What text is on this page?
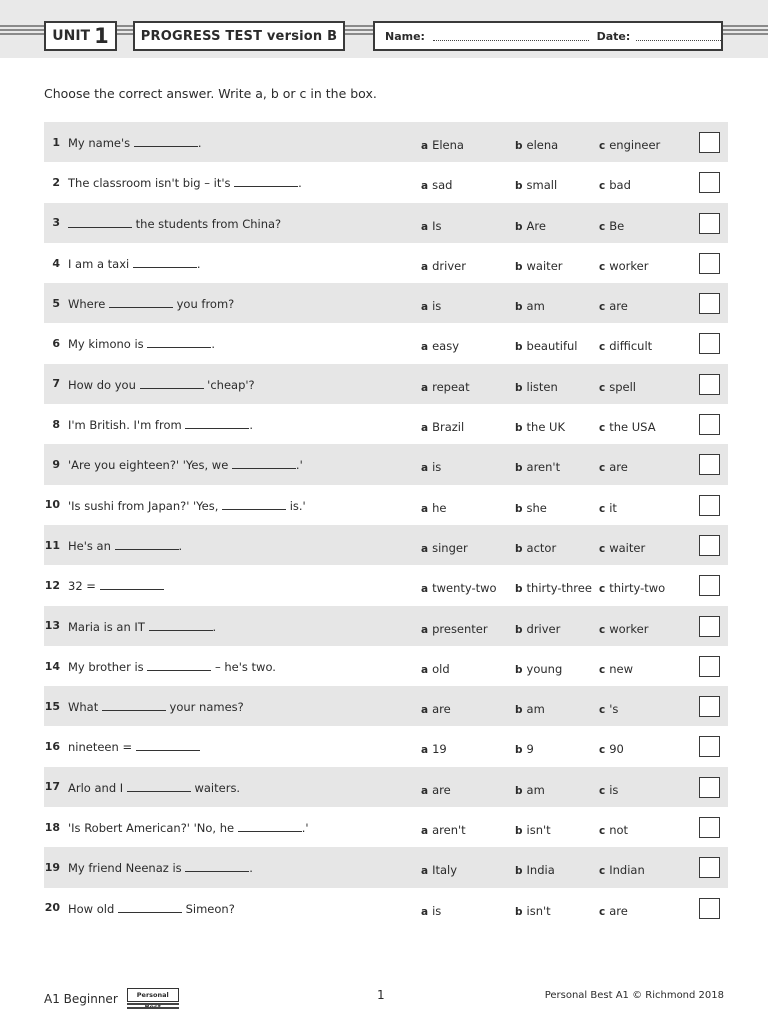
UNIT 1 PROGRESS TEST version B	Name:	Date:
Choose the correct answer. Write a, b or c in the box.
1 My name's	.	a Elena	b elena	c engineer
2 The classroom isn't big – it's	.	a sad	b small	c bad
3	the students from China?	a Is	b Are	c Be
4 I am a taxi	.	a driver	b waiter	c worker
5 Where	you from?	a is	b am	c are
6 My kimono is	.	a easy	b beautiful c difficult
7 How do you	'cheap'?	a repeat	b listen	c spell
8 I'm British. I'm from	.	a Brazil	b the UK	c the USA
9 'Are you eighteen?' 'Yes, we	.'	a is	b aren't	c are
10 'Is sushi from Japan?' 'Yes,	is.'	a he	b she	c it
11 He's an	.	a singer	b actor	c waiter
12 32 =	a twenty-two b thirty-three c thirty-two
13 Maria is an IT	.	a presenter	b driver	c worker
14 My brother is	– he's two.	a old	b young	c new
15 What	your names?	a are	b am	c 's
16 nineteen =	a 19	b 9	c 90
17 Arlo and I	waiters.	a are	b am	c is
18 'Is Robert American?' 'No, he	.'	a aren't	b isn't	c not
19 My friend Neenaz is	.	a Italy	b India	c Indian
20 How old	Simeon?	a is	b isn't	c are
A1 Beginner	Personal	1	Personal Best A1 © Richmond 2018
